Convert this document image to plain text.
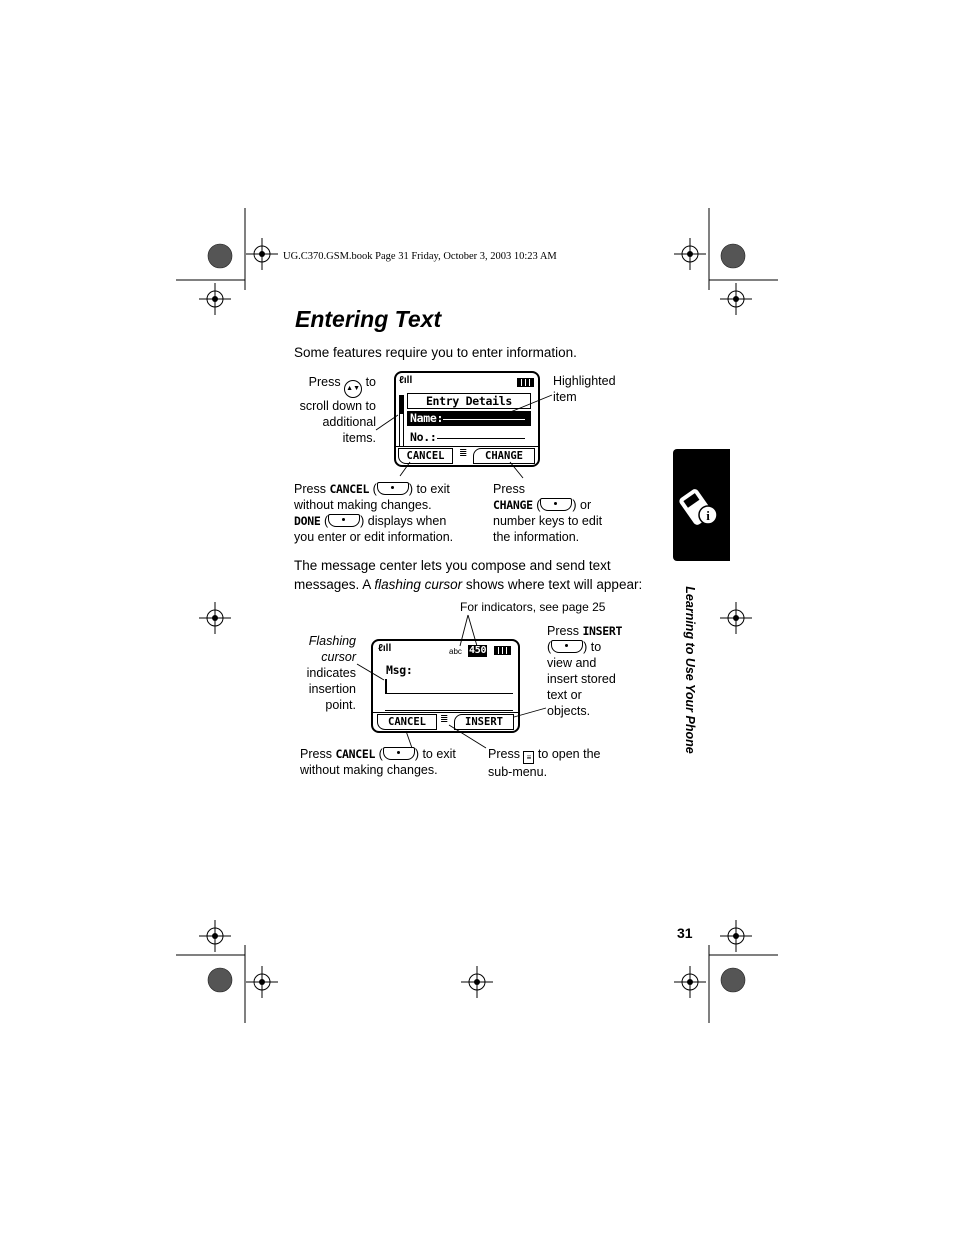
UG.C370.GSM.book Page 31 Friday, October 3, 2003 10:23 AM
Entering Text
Some features require you to enter information.
Press ▲▼ to
scroll down to
additional
items.
Highlighted
item
ℓıll
Entry Details
Name:
No.:
CANCEL	≣	CHANGE
Press CANCEL (	) to exit
without making changes.
DONE (	) displays when
you enter or edit information.
Press
CHANGE (	) or
number keys to edit
the information.
The message center lets you compose and send text
messages. A flashing cursor shows where text will appear:
For indicators, see page 25
Flashing
cursor
indicates
insertion
point.
Press INSERT
(	) to
view and
insert stored
text or
objects.
ℓıll	abc 450
Msg:
CANCEL	≣	INSERT
Press CANCEL (	) to exit
without making changes.
Press ≡ to open the
sub-menu.
i
Learning to Use Your Phone
31
